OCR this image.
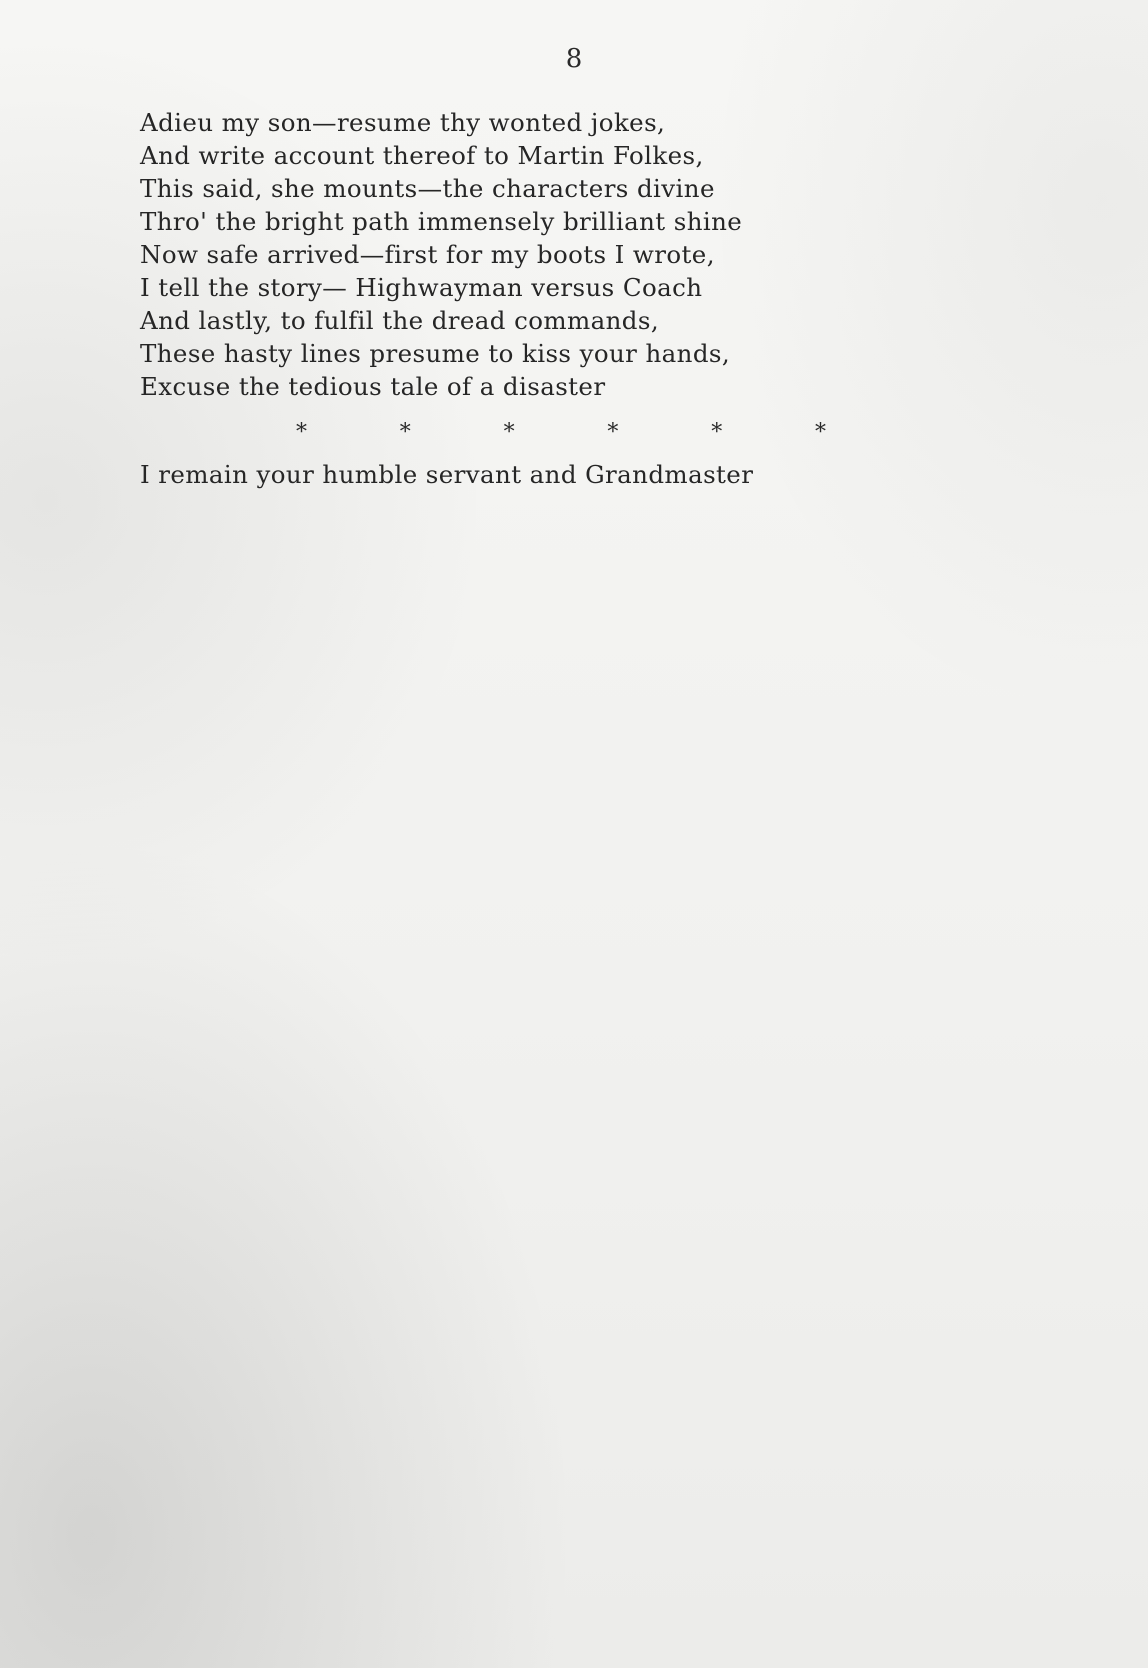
8
Adieu my son—resume thy wonted jokes,
And write account thereof to Martin Folkes,
This said, she mounts—the characters divine
Thro' the bright path immensely brilliant shine
Now safe arrived—first for my boots I wrote,
I tell the story— Highwayman versus Coach
And lastly, to fulfil the dread commands,
These hasty lines presume to kiss your hands,
Excuse the tedious tale of a disaster
*	*	*	*	*	*
I remain your humble servant and Grandmaster
